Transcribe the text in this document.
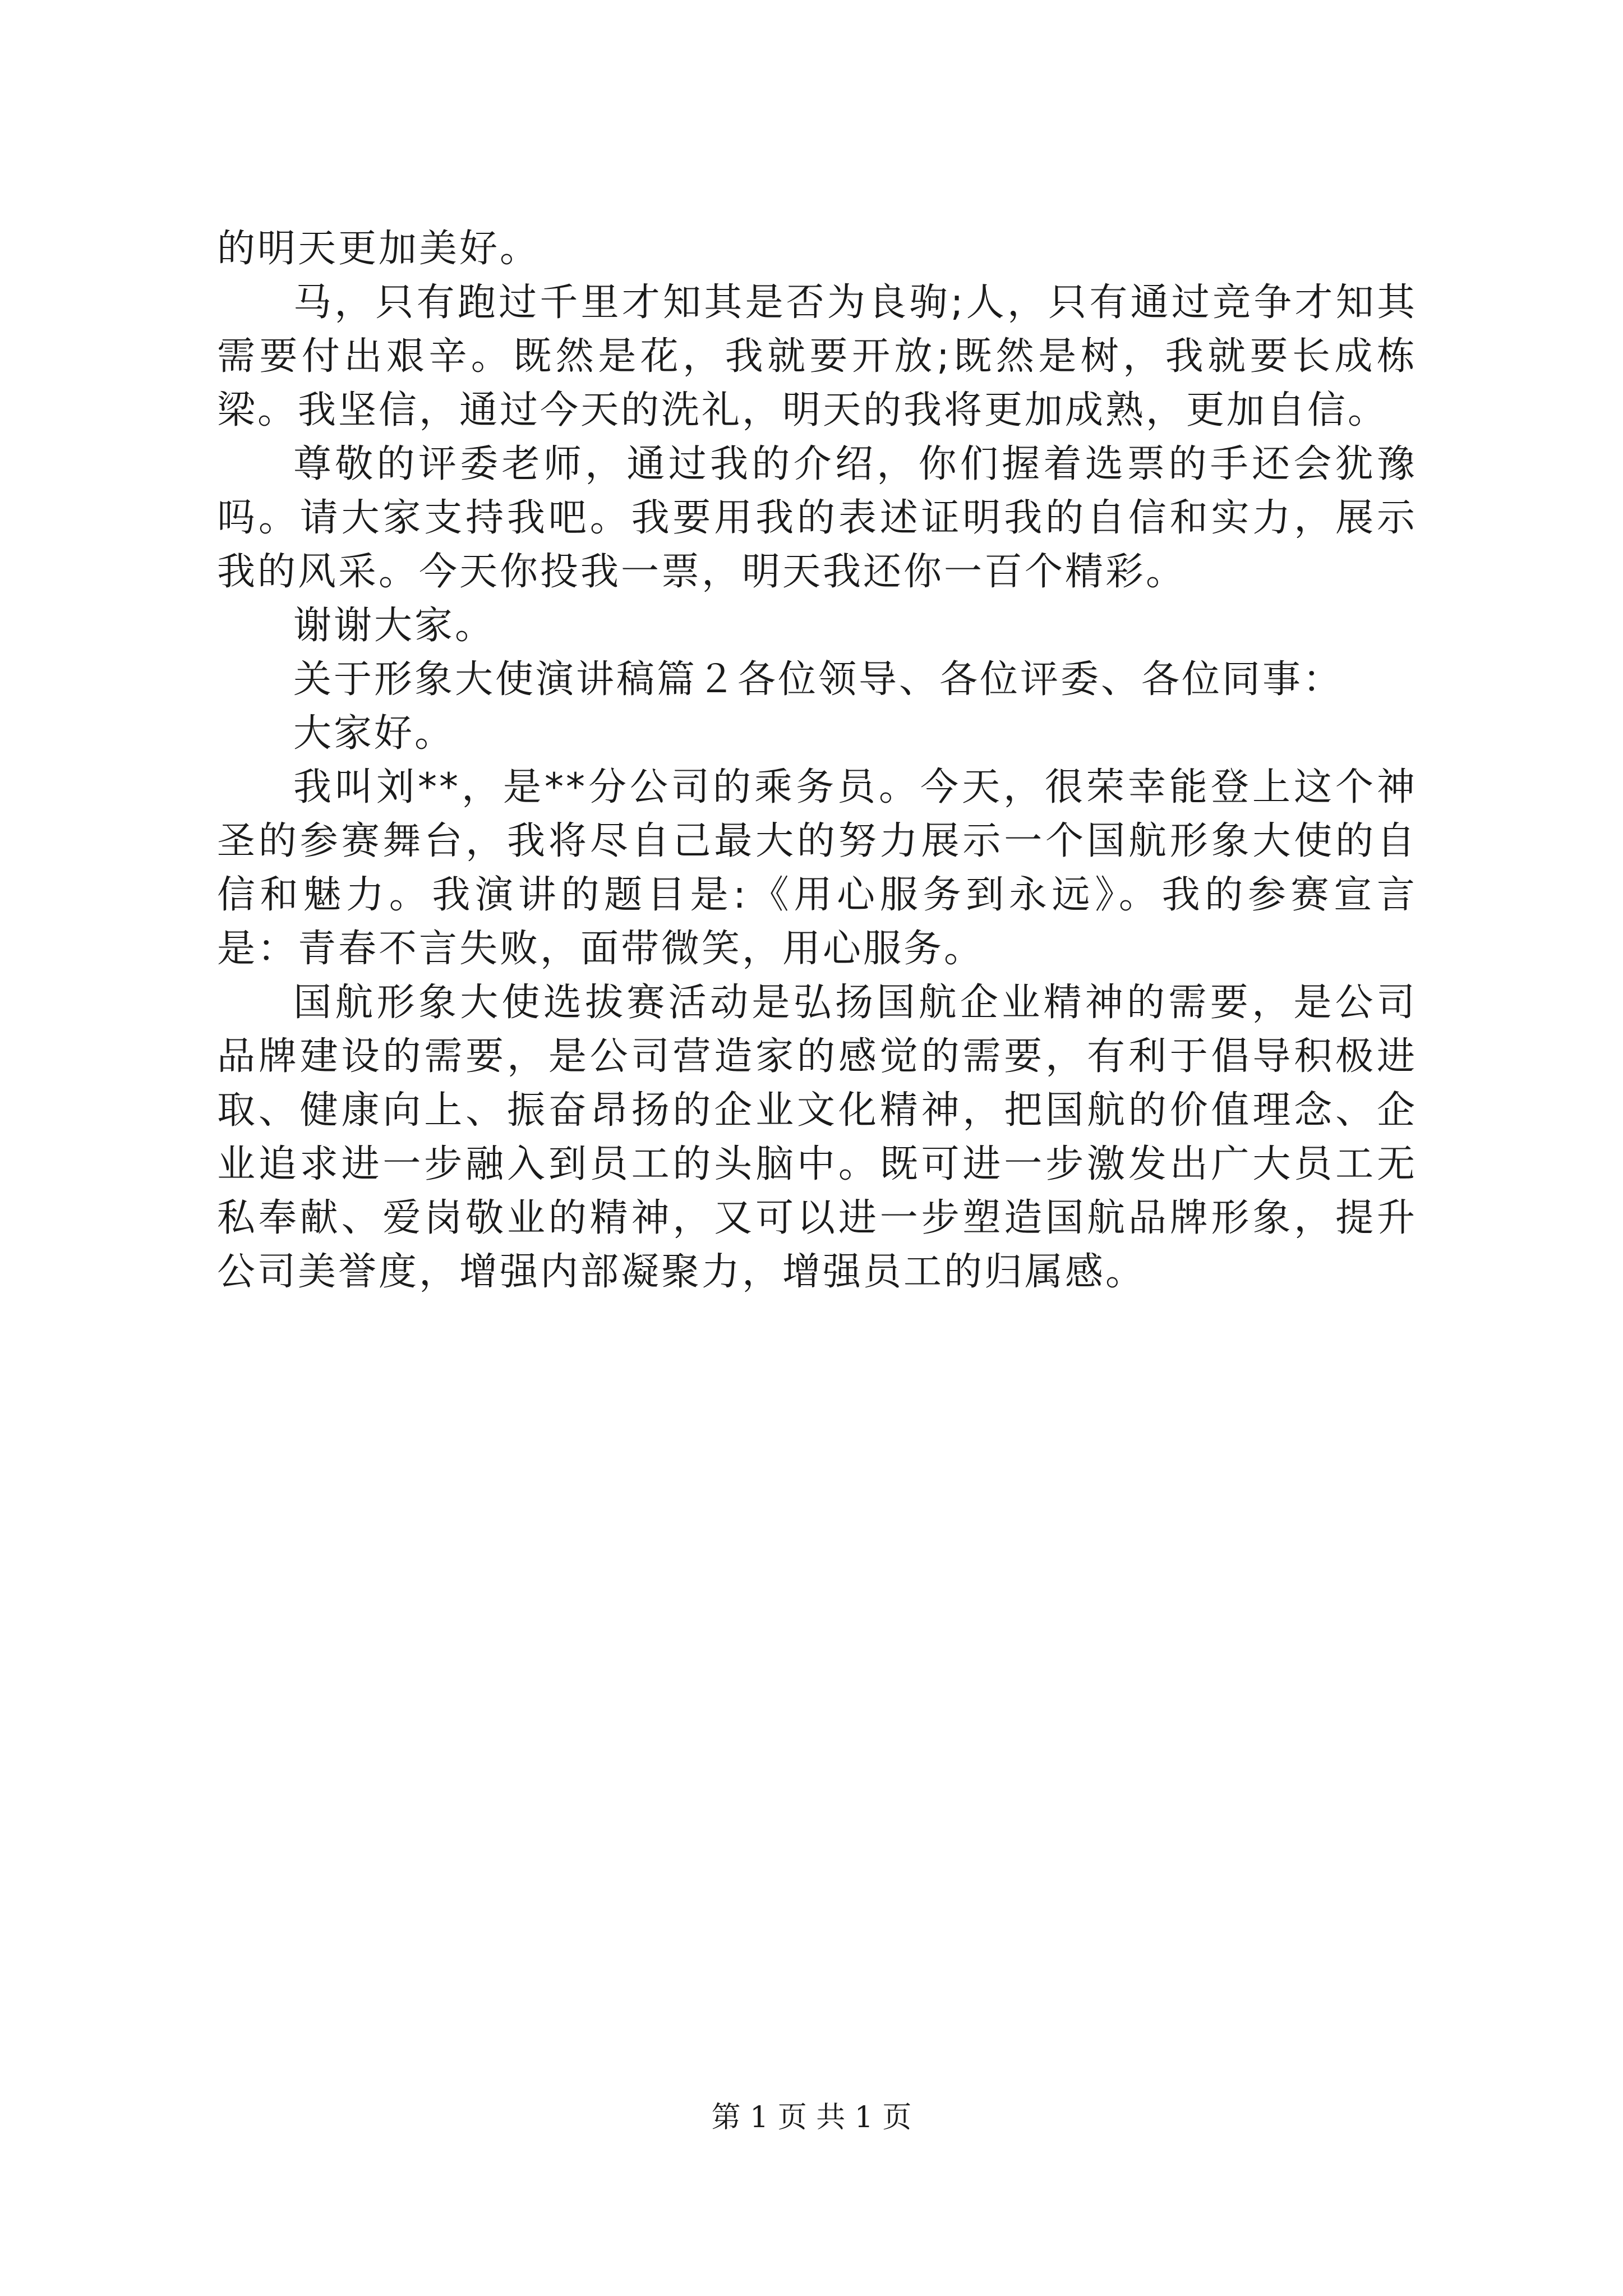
的明天更加美好。

马，只有跑过千里才知其是否为良驹;人，只有通过竞争才知其需要付出艰辛。既然是花，我就要开放;既然是树，我就要长成栋梁。我坚信，通过今天的洗礼，明天的我将更加成熟，更加自信。

尊敬的评委老师，通过我的介绍，你们握着选票的手还会犹豫吗。请大家支持我吧。我要用我的表述证明我的自信和实力，展示我的风采。今天你投我一票，明天我还你一百个精彩。

谢谢大家。

关于形象大使演讲稿篇２各位领导、各位评委、各位同事：

大家好。

我叫刘**，是**分公司的乘务员。今天，很荣幸能登上这个神圣的参赛舞台，我将尽自己最大的努力展示一个国航形象大使的自信和魅力。我演讲的题目是:《用心服务到永远》。我的参赛宣言是：青春不言失败，面带微笑，用心服务。

国航形象大使选拔赛活动是弘扬国航企业精神的需要，是公司品牌建设的需要，是公司营造家的感觉的需要，有利于倡导积极进取、健康向上、振奋昂扬的企业文化精神，把国航的价值理念、企业追求进一步融入到员工的头脑中。既可进一步激发出广大员工无私奉献、爱岗敬业的精神，又可以进一步塑造国航品牌形象，提升公司美誉度，增强内部凝聚力，增强员工的归属感。

第 1 页 共 1 页
